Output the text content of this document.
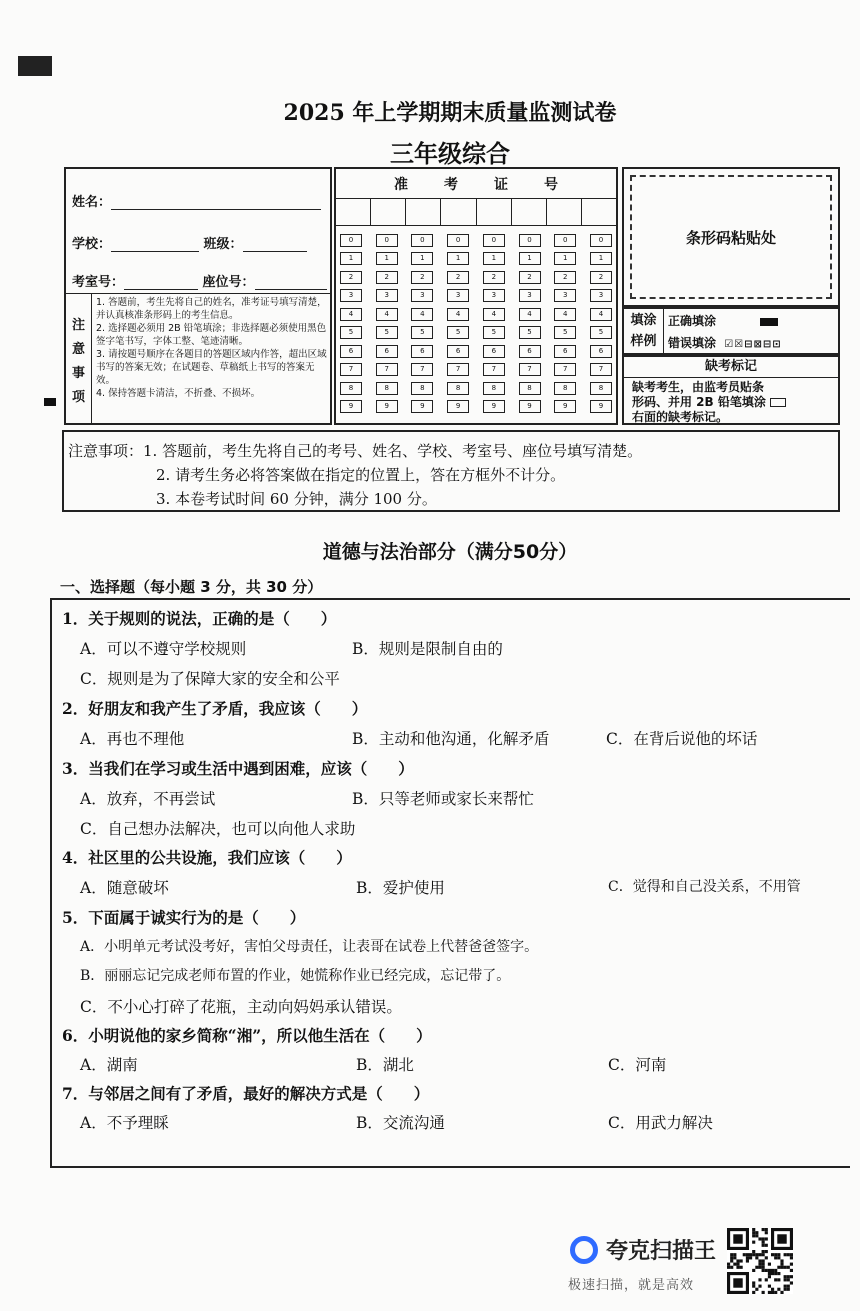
2025 年上学期期末质量监测试卷
三年级综合
姓名：
学校：	班级：
考室号：	座位号：
注
意
事
项
1. 答题前，考生先将自己的姓名，准考证号填写清楚，并认真核准条形码上的考生信息。
2. 选择题必须用 2B 铅笔填涂；非选择题必须使用黑色签字笔书写，字体工整、笔迹清晰。
3. 请按题号顺序在各题目的答题区域内作答，超出区域书写的答案无效；在试题卷、草稿纸上书写的答案无效。
4. 保持答题卡清洁，不折叠、不损坏。
准	考	证	号
0	0	0	0	0	0	0	0
1	1	1	1	1	1	1	1
2	2	2	2	2	2	2	2
3	3	3	3	3	3	3	3
4	4	4	4	4	4	4	4
5	5	5	5	5	5	5	5
6	6	6	6	6	6	6	6
7	7	7	7	7	7	7	7
8	8	8	8	8	8	8	8
9	9	9	9	9	9	9	9
条形码粘贴处
填涂样例
正确填涂
错误填涂 ☑☒⊟⊠⊟⊡
缺考标记
缺考考生，由监考员贴条
形码、并用 2B 铅笔填涂
右面的缺考标记。
注意事项：1. 答题前，考生先将自己的考号、姓名、学校、考室号、座位号填写清楚。
2. 请考生务必将答案做在指定的位置上，答在方框外不计分。
3. 本卷考试时间 60 分钟，满分 100 分。
道德与法治部分（满分50分）
一、选择题（每小题 3 分，共 30 分）
1．关于规则的说法，正确的是（　　）
A．可以不遵守学校规则	B．规则是限制自由的
C．规则是为了保障大家的安全和公平
2．好朋友和我产生了矛盾，我应该（　　）
A．再也不理他	B．主动和他沟通，化解矛盾	C．在背后说他的坏话
3．当我们在学习或生活中遇到困难，应该（　　）
A．放弃，不再尝试	B．只等老师或家长来帮忙
C．自己想办法解决，也可以向他人求助
4．社区里的公共设施，我们应该（　　）
A．随意破坏	B．爱护使用	C．觉得和自己没关系，不用管
5．下面属于诚实行为的是（　　）
A．小明单元考试没考好，害怕父母责任，让表哥在试卷上代替爸爸签字。
B．丽丽忘记完成老师布置的作业，她慌称作业已经完成，忘记带了。
C．不小心打碎了花瓶，主动向妈妈承认错误。
6．小明说他的家乡简称“湘”，所以他生活在（　　）
A．湖南	B．湖北	C．河南
7．与邻居之间有了矛盾，最好的解决方式是（　　）
A．不予理睬	B．交流沟通	C．用武力解决
夸克扫描王
极速扫描，就是高效
